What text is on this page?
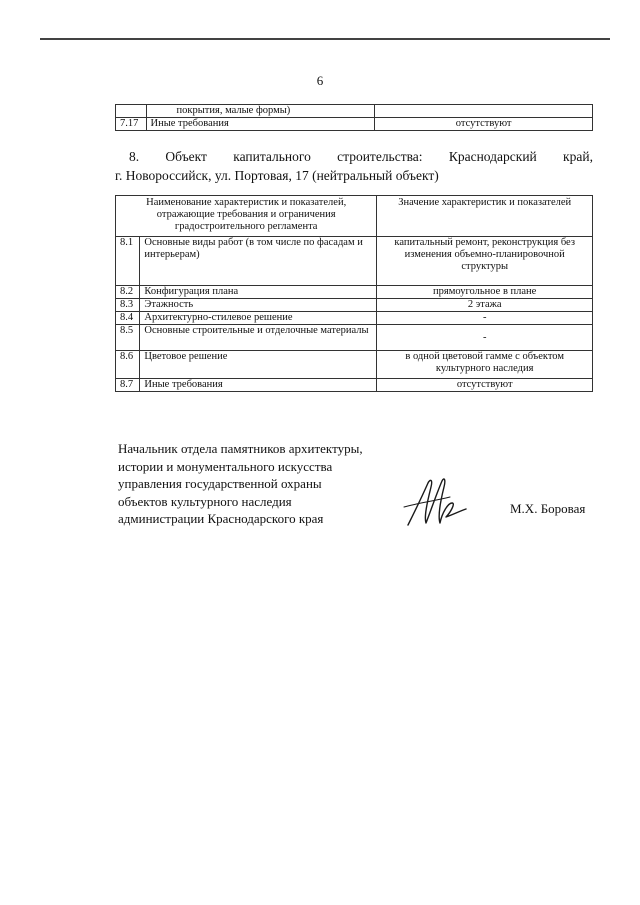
6
	покрытия, малые формы)	
7.17	Иные требования	отсутствуют
8. Объект капитального строительства: Краснодарский край,
г. Новороссийск, ул. Портовая, 17 (нейтральный объект)
Наименование характеристик и показателей, отражающие требования и ограничения градостроительного регламента		Значение характеристик и показателей
8.1	Основные виды работ (в том числе по фасадам и интерьерам)	капитальный ремонт, реконструкция без изменения объемно-планировочной структуры
8.2	Конфигурация плана	прямоугольное в плане
8.3	Этажность	2 этажа
8.4	Архитектурно-стилевое решение	-
8.5	Основные строительные и отделочные материалы	-
8.6	Цветовое решение	в одной цветовой гамме с объектом культурного наследия
8.7	Иные требования	отсутствуют
Начальник отдела памятников архитектуры,
истории и монументального искусства
управления государственной охраны
объектов культурного наследия
администрации Краснодарского края
М.Х. Боровая
